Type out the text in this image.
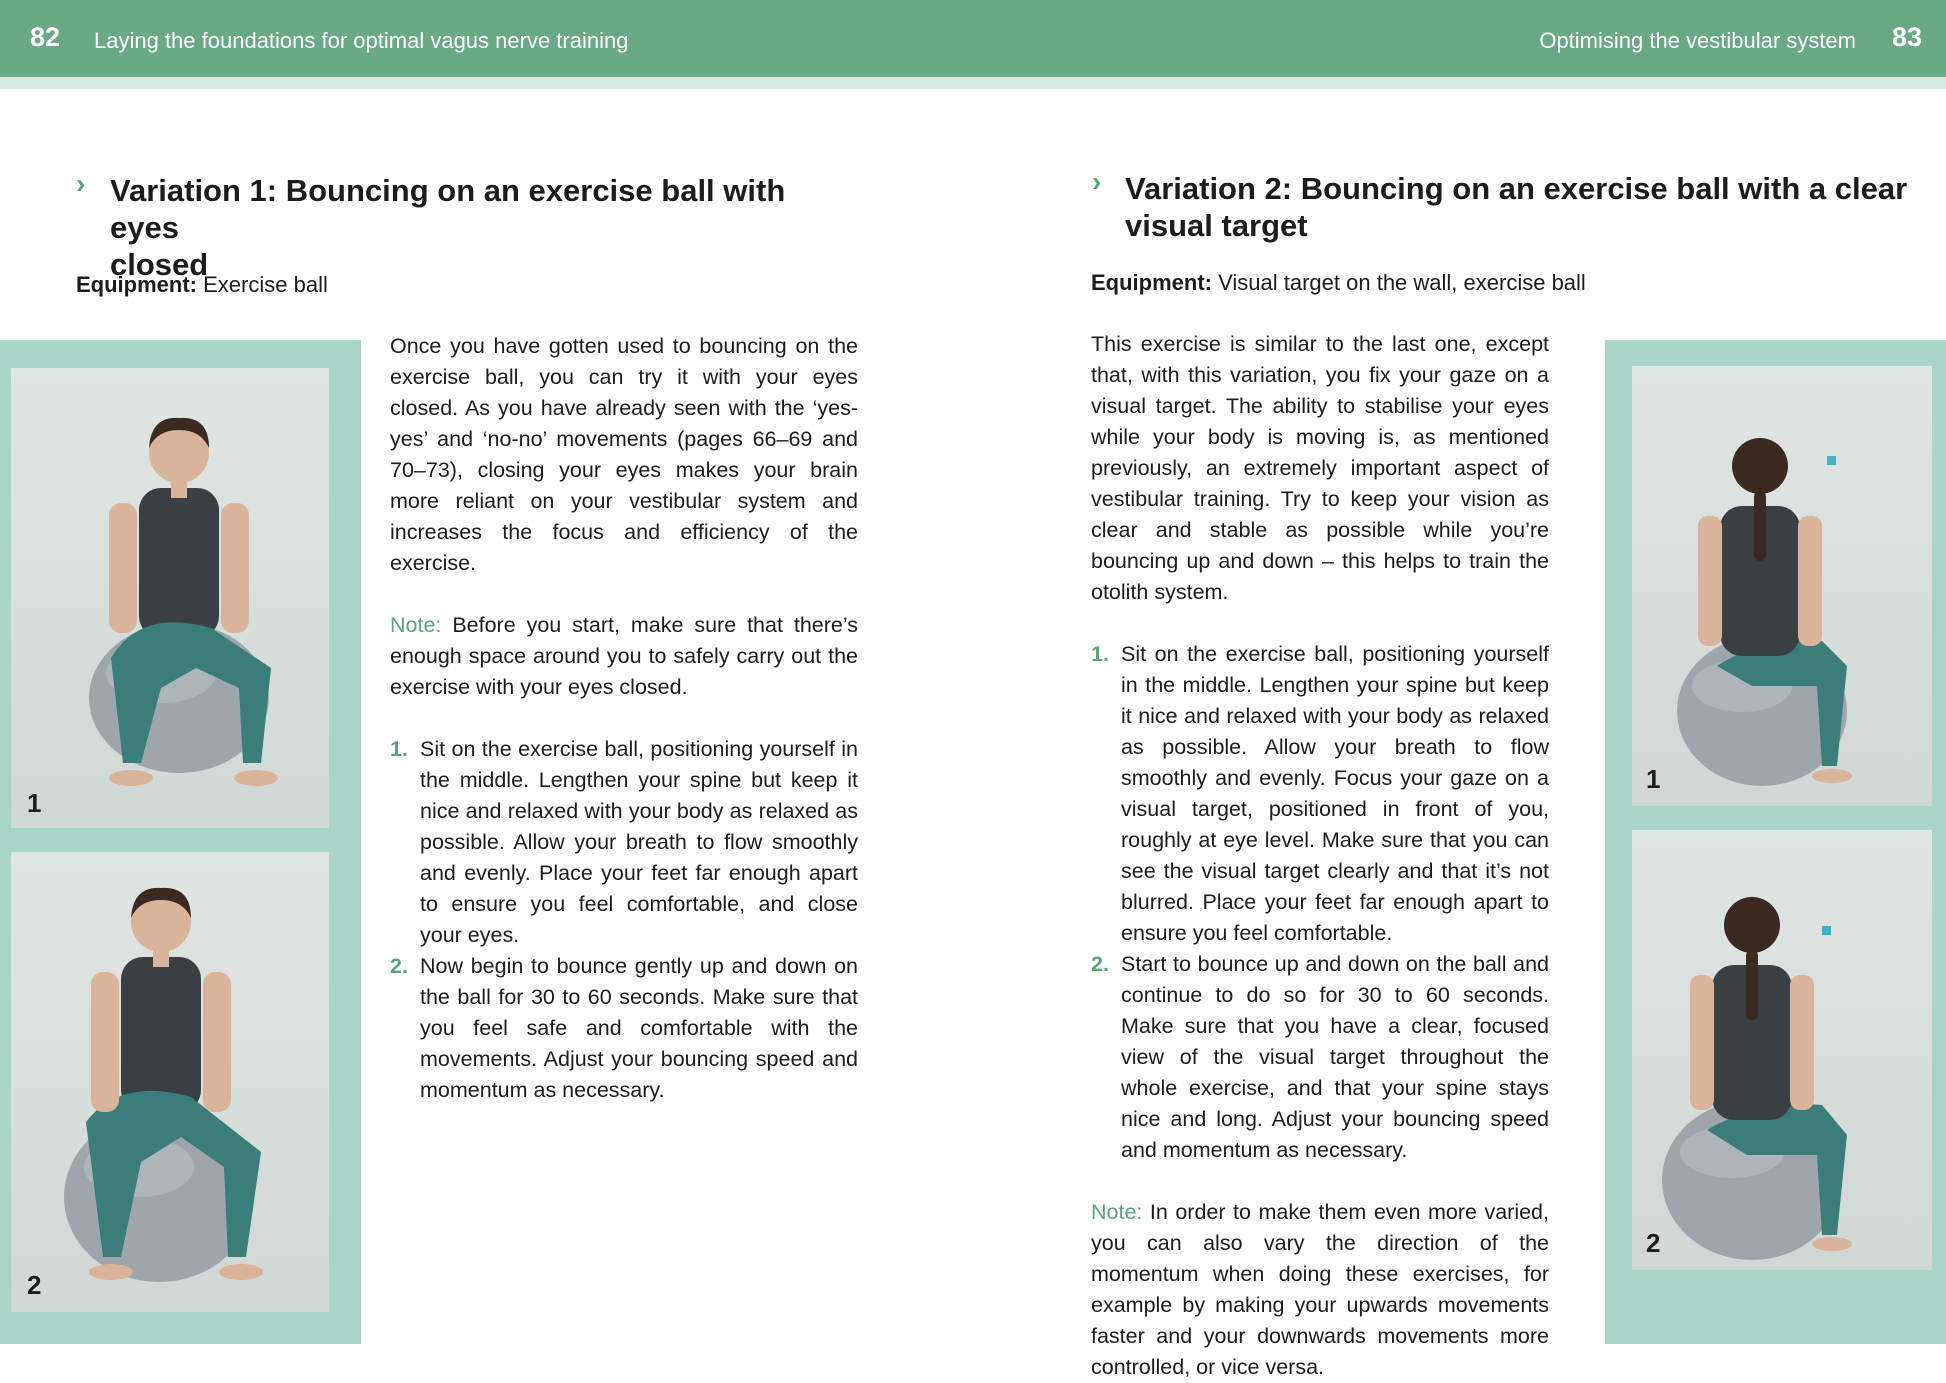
82 Laying the foundations for optimal vagus nerve training
› Variation 1: Bouncing on an exercise ball with eyes
closed
Equipment: Exercise ball
1
2

Once you have gotten used to bouncing on the exercise ball, you can try it with your eyes closed. As you have already seen with the ‘yes-yes’ and ‘no-no’ movements (pages 66–69 and 70–73), closing your eyes makes your brain more reliant on your vestibular system and increases the focus and efficiency of the exercise.

Note: Before you start, make sure that there’s enough space around you to safely carry out the exercise with your eyes closed.

1. Sit on the exercise ball, positioning yourself in the middle. Lengthen your spine but keep it nice and relaxed with your body as relaxed as possible. Allow your breath to flow smoothly and evenly. Place your feet far enough apart to ensure you feel comfortable, and close your eyes.
2. Now begin to bounce gently up and down on the ball for 30 to 60 seconds. Make sure that you feel safe and comfortable with the movements. Adjust your bouncing speed and momentum as necessary.
Optimising the vestibular system 83
› Variation 2: Bouncing on an exercise ball with a clear
visual target
Equipment: Visual target on the wall, exercise ball

This exercise is similar to the last one, except that, with this variation, you fix your gaze on a visual target. The ability to stabilise your eyes while your body is moving is, as mentioned previously, an extremely important aspect of vestibular training. Try to keep your vision as clear and stable as possible while you’re bouncing up and down – this helps to train the otolith system.

1. Sit on the exercise ball, positioning yourself in the middle. Lengthen your spine but keep it nice and relaxed with your body as relaxed as possible. Allow your breath to flow smoothly and evenly. Focus your gaze on a visual target, positioned in front of you, roughly at eye level. Make sure that you can see the visual target clearly and that it’s not blurred. Place your feet far enough apart to ensure you feel comfortable.
2. Start to bounce up and down on the ball and continue to do so for 30 to 60 seconds. Make sure that you have a clear, focused view of the visual target throughout the whole exercise, and that your spine stays nice and long. Adjust your bouncing speed and momentum as necessary.

Note: In order to make them even more varied, you can also vary the direction of the momentum when doing these exercises, for example by making your upwards movements faster and your downwards movements more controlled, or vice versa.

1
2
